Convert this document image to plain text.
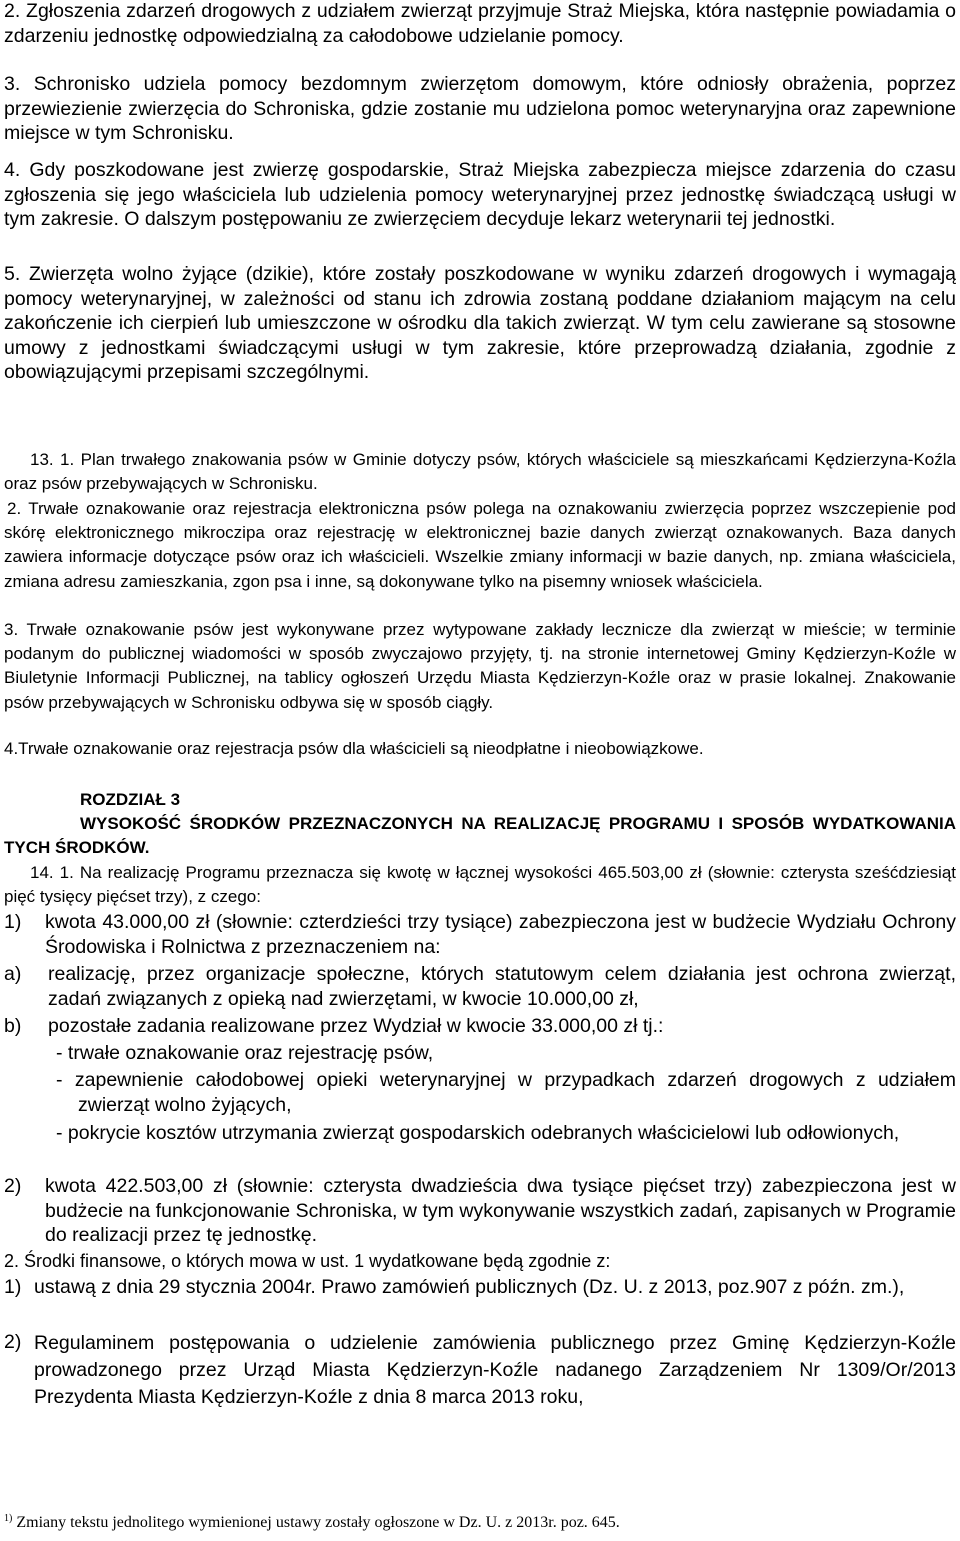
2. Zgłoszenia zdarzeń drogowych z udziałem zwierząt przyjmuje Straż Miejska, która następnie powiadamia o zdarzeniu jednostkę odpowiedzialną za całodobowe udzielanie pomocy.

3. Schronisko udziela pomocy bezdomnym zwierzętom domowym, które odniosły obrażenia, poprzez przewiezienie zwierzęcia do Schroniska, gdzie zostanie mu udzielona pomoc weterynaryjna oraz zapewnione miejsce w tym Schronisku.

4. Gdy poszkodowane jest zwierzę gospodarskie, Straż Miejska zabezpiecza miejsce zdarzenia do czasu zgłoszenia się jego właściciela lub udzielenia pomocy weterynaryjnej przez jednostkę świadczącą usługi w tym zakresie. O dalszym postępowaniu ze zwierzęciem decyduje lekarz weterynarii tej jednostki.

5. Zwierzęta wolno żyjące (dzikie), które zostały poszkodowane w wyniku zdarzeń drogowych i wymagają pomocy weterynaryjnej, w zależności od stanu ich zdrowia zostaną poddane działaniom mającym na celu zakończenie ich cierpień lub umieszczone w ośrodku dla takich zwierząt. W tym celu zawierane są stosowne umowy z jednostkami świadczącymi usługi w tym zakresie, które przeprowadzą działania, zgodnie z obowiązującymi przepisami szczególnymi.

13. 1. Plan trwałego znakowania psów w Gminie dotyczy psów, których właściciele są mieszkańcami Kędzierzyna-Koźla oraz psów przebywających w Schronisku.

2. Trwałe oznakowanie oraz rejestracja elektroniczna psów polega na oznakowaniu zwierzęcia poprzez wszczepienie pod skórę elektronicznego mikroczipa oraz rejestrację w elektronicznej bazie danych zwierząt oznakowanych. Baza danych zawiera informacje dotyczące psów oraz ich właścicieli. Wszelkie zmiany informacji w bazie danych, np. zmiana właściciela, zmiana adresu zamieszkania, zgon psa i inne, są dokonywane tylko na pisemny wniosek właściciela.

3. Trwałe oznakowanie psów jest wykonywane przez wytypowane zakłady lecznicze dla zwierząt w mieście; w terminie podanym do publicznej wiadomości w sposób zwyczajowo przyjęty, tj. na stronie internetowej Gminy Kędzierzyn-Koźle w Biuletynie Informacji Publicznej, na tablicy ogłoszeń Urzędu Miasta Kędzierzyn-Koźle oraz w prasie lokalnej. Znakowanie psów przebywających w Schronisku odbywa się w sposób ciągły.

4.Trwałe oznakowanie oraz rejestracja psów dla właścicieli są nieodpłatne i nieobowiązkowe.

ROZDZIAŁ 3
WYSOKOŚĆ ŚRODKÓW PRZEZNACZONYCH NA REALIZACJĘ PROGRAMU I SPOSÓB WYDATKOWANIA TYCH ŚRODKÓW.

14. 1. Na realizację Programu przeznacza się kwotę w łącznej wysokości 465.503,00 zł (słownie: czterysta sześćdziesiąt pięć tysięcy pięćset trzy), z czego:

1) kwota 43.000,00 zł (słownie: czterdzieści trzy tysiące) zabezpieczona jest w budżecie Wydziału Ochrony Środowiska i Rolnictwa z przeznaczeniem na:

a) realizację, przez organizacje społeczne, których statutowym celem działania jest ochrona zwierząt, zadań związanych z opieką nad zwierzętami, w kwocie 10.000,00 zł,

b) pozostałe zadania realizowane przez Wydział w kwocie 33.000,00 zł tj.:

- trwałe oznakowanie oraz rejestrację psów,

- zapewnienie całodobowej opieki weterynaryjnej w przypadkach zdarzeń drogowych z udziałem zwierząt wolno żyjących,

- pokrycie kosztów utrzymania zwierząt gospodarskich odebranych właścicielowi lub odłowionych,

2) kwota 422.503,00 zł (słownie: czterysta dwadzieścia dwa tysiące pięćset trzy) zabezpieczona jest w budżecie na funkcjonowanie Schroniska, w tym wykonywanie wszystkich zadań, zapisanych w Programie do realizacji przez tę jednostkę.

2. Środki finansowe, o których mowa w ust. 1 wydatkowane będą zgodnie z:

1) ustawą z dnia 29 stycznia 2004r. Prawo zamówień publicznych (Dz. U. z 2013, poz.907 z późn. zm.),

2) Regulaminem postępowania o udzielenie zamówienia publicznego przez Gminę Kędzierzyn-Koźle prowadzonego przez Urząd Miasta Kędzierzyn-Koźle nadanego Zarządzeniem Nr 1309/Or/2013 Prezydenta Miasta Kędzierzyn-Koźle z dnia 8 marca 2013 roku,

$^{1)}$ Zmiany tekstu jednolitego wymienionej ustawy zostały ogłoszone w Dz. U. z 2013r. poz. 645.
